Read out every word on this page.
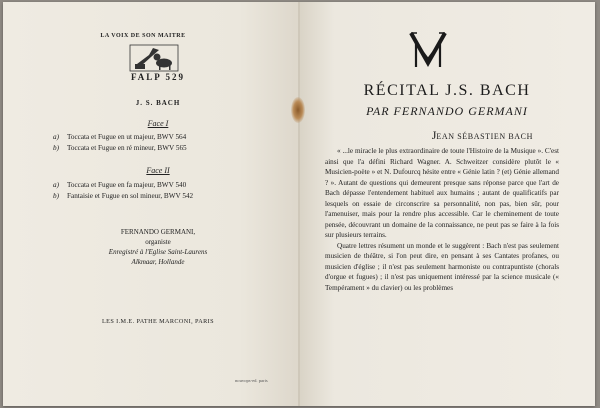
LA VOIX DE SON MAITRE
FALP 529
J. S. BACH
Face I
a) Toccata et Fugue en ut majeur, BWV 564
b) Toccata et Fugue en ré mineur, BWV 565
Face II
a) Toccata et Fugue en fa majeur, BWV 540
b) Fantaisie et Fugue en sol mineur, BWV 542
FERNANDO GERMANI,
organiste
Enregistré à l'Eglise Saint-Laurens
Alkmaar, Hollande
LES I.M.E. PATHE MARCONI, PARIS
nouvops-ed. paris
RÉCITAL J.S. BACH
PAR FERNANDO GERMANI
JEAN SÉBASTIEN BACH

« ...le miracle le plus extraordinaire de toute l'Histoire de la Musique ». C'est ainsi que l'a défini Richard Wagner. A. Schweitzer considère plutôt le « Musicien-poète » et N. Dufourcq hésite entre « Génie latin ? (et) Génie allemand ? ». Autant de questions qui demeurent presque sans réponse parce que l'art de Bach dépasse l'entendement habituel aux humains ; autant de qualificatifs par lesquels on essaie de circonscrire sa personnalité, non pas, bien sûr, pour l'amenuiser, mais pour la rendre plus accessible. Car le cheminement de toute pensée, découvrant un domaine de la connaissance, ne peut pas se faire à la fois sur plusieurs terrains.

Quatre lettres résument un monde et le suggèrent : Bach n'est pas seulement musicien de théâtre, si l'on peut dire, en pensant à ses Cantates profanes, ou musicien d'église ; il n'est pas seulement harmoniste ou contrapuntiste (chorals d'orgue et fugues) ; il n'est pas uniquement intéressé par la science musicale (« Tempérament » du clavier) ou les problèmes
